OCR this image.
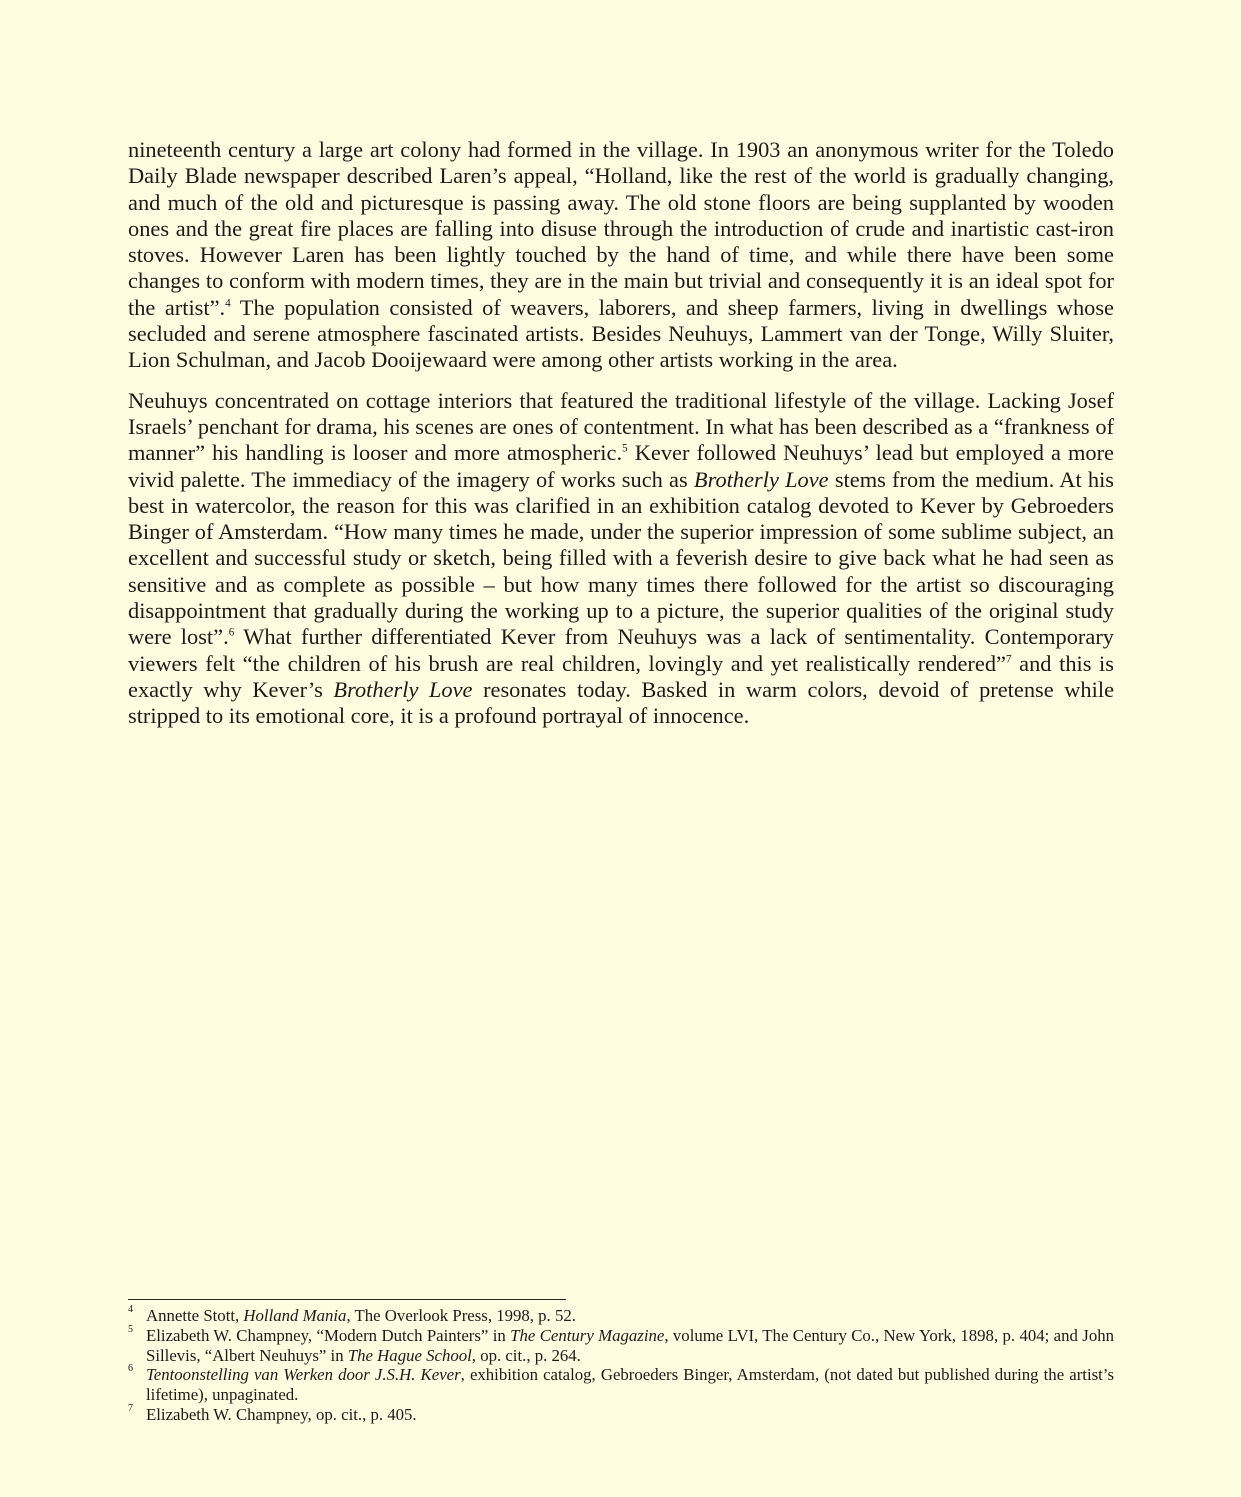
nineteenth century a large art colony had formed in the village. In 1903 an anonymous writer for the Toledo Daily Blade newspaper described Laren’s appeal, “Holland, like the rest of the world is gradually changing, and much of the old and picturesque is passing away. The old stone floors are being supplanted by wooden ones and the great fire places are falling into disuse through the introduction of crude and inartistic cast-iron stoves. However Laren has been lightly touched by the hand of time, and while there have been some changes to conform with modern times, they are in the main but trivial and consequently it is an ideal spot for the artist”.$^4$ The population consisted of weavers, laborers, and sheep farmers, living in dwellings whose secluded and serene atmosphere fascinated artists. Besides Neuhuys, Lammert van der Tonge, Willy Sluiter, Lion Schulman, and Jacob Dooijewaard were among other artists working in the area.

Neuhuys concentrated on cottage interiors that featured the traditional lifestyle of the village. Lacking Josef Israels’ penchant for drama, his scenes are ones of contentment. In what has been described as a “frankness of manner” his handling is looser and more atmospheric.$^5$ Kever followed Neuhuys’ lead but employed a more vivid palette. The immediacy of the imagery of works such as Brotherly Love stems from the medium. At his best in watercolor, the reason for this was clarified in an exhibition catalog devoted to Kever by Gebroeders Binger of Amsterdam. “How many times he made, under the superior impression of some sublime subject, an excellent and successful study or sketch, being filled with a feverish desire to give back what he had seen as sensitive and as complete as possible – but how many times there followed for the artist so discouraging disappointment that gradually during the working up to a picture, the superior qualities of the original study were lost”.$^6$ What further differentiated Kever from Neuhuys was a lack of sentimentality. Contemporary viewers felt “the children of his brush are real children, lovingly and yet realistically rendered”$^7$ and this is exactly why Kever’s Brotherly Love resonates today. Basked in warm colors, devoid of pretense while stripped to its emotional core, it is a profound portrayal of innocence.

4 Annette Stott, Holland Mania, The Overlook Press, 1998, p. 52.

5 Elizabeth W. Champney, “Modern Dutch Painters” in The Century Magazine, volume LVI, The Century Co., New York, 1898, p. 404; and John Sillevis, “Albert Neuhuys” in The Hague School, op. cit., p. 264.

6 Tentoonstelling van Werken door J.S.H. Kever, exhibition catalog, Gebroeders Binger, Amsterdam, (not dated but published during the artist’s lifetime), unpaginated.

7 Elizabeth W. Champney, op. cit., p. 405.
